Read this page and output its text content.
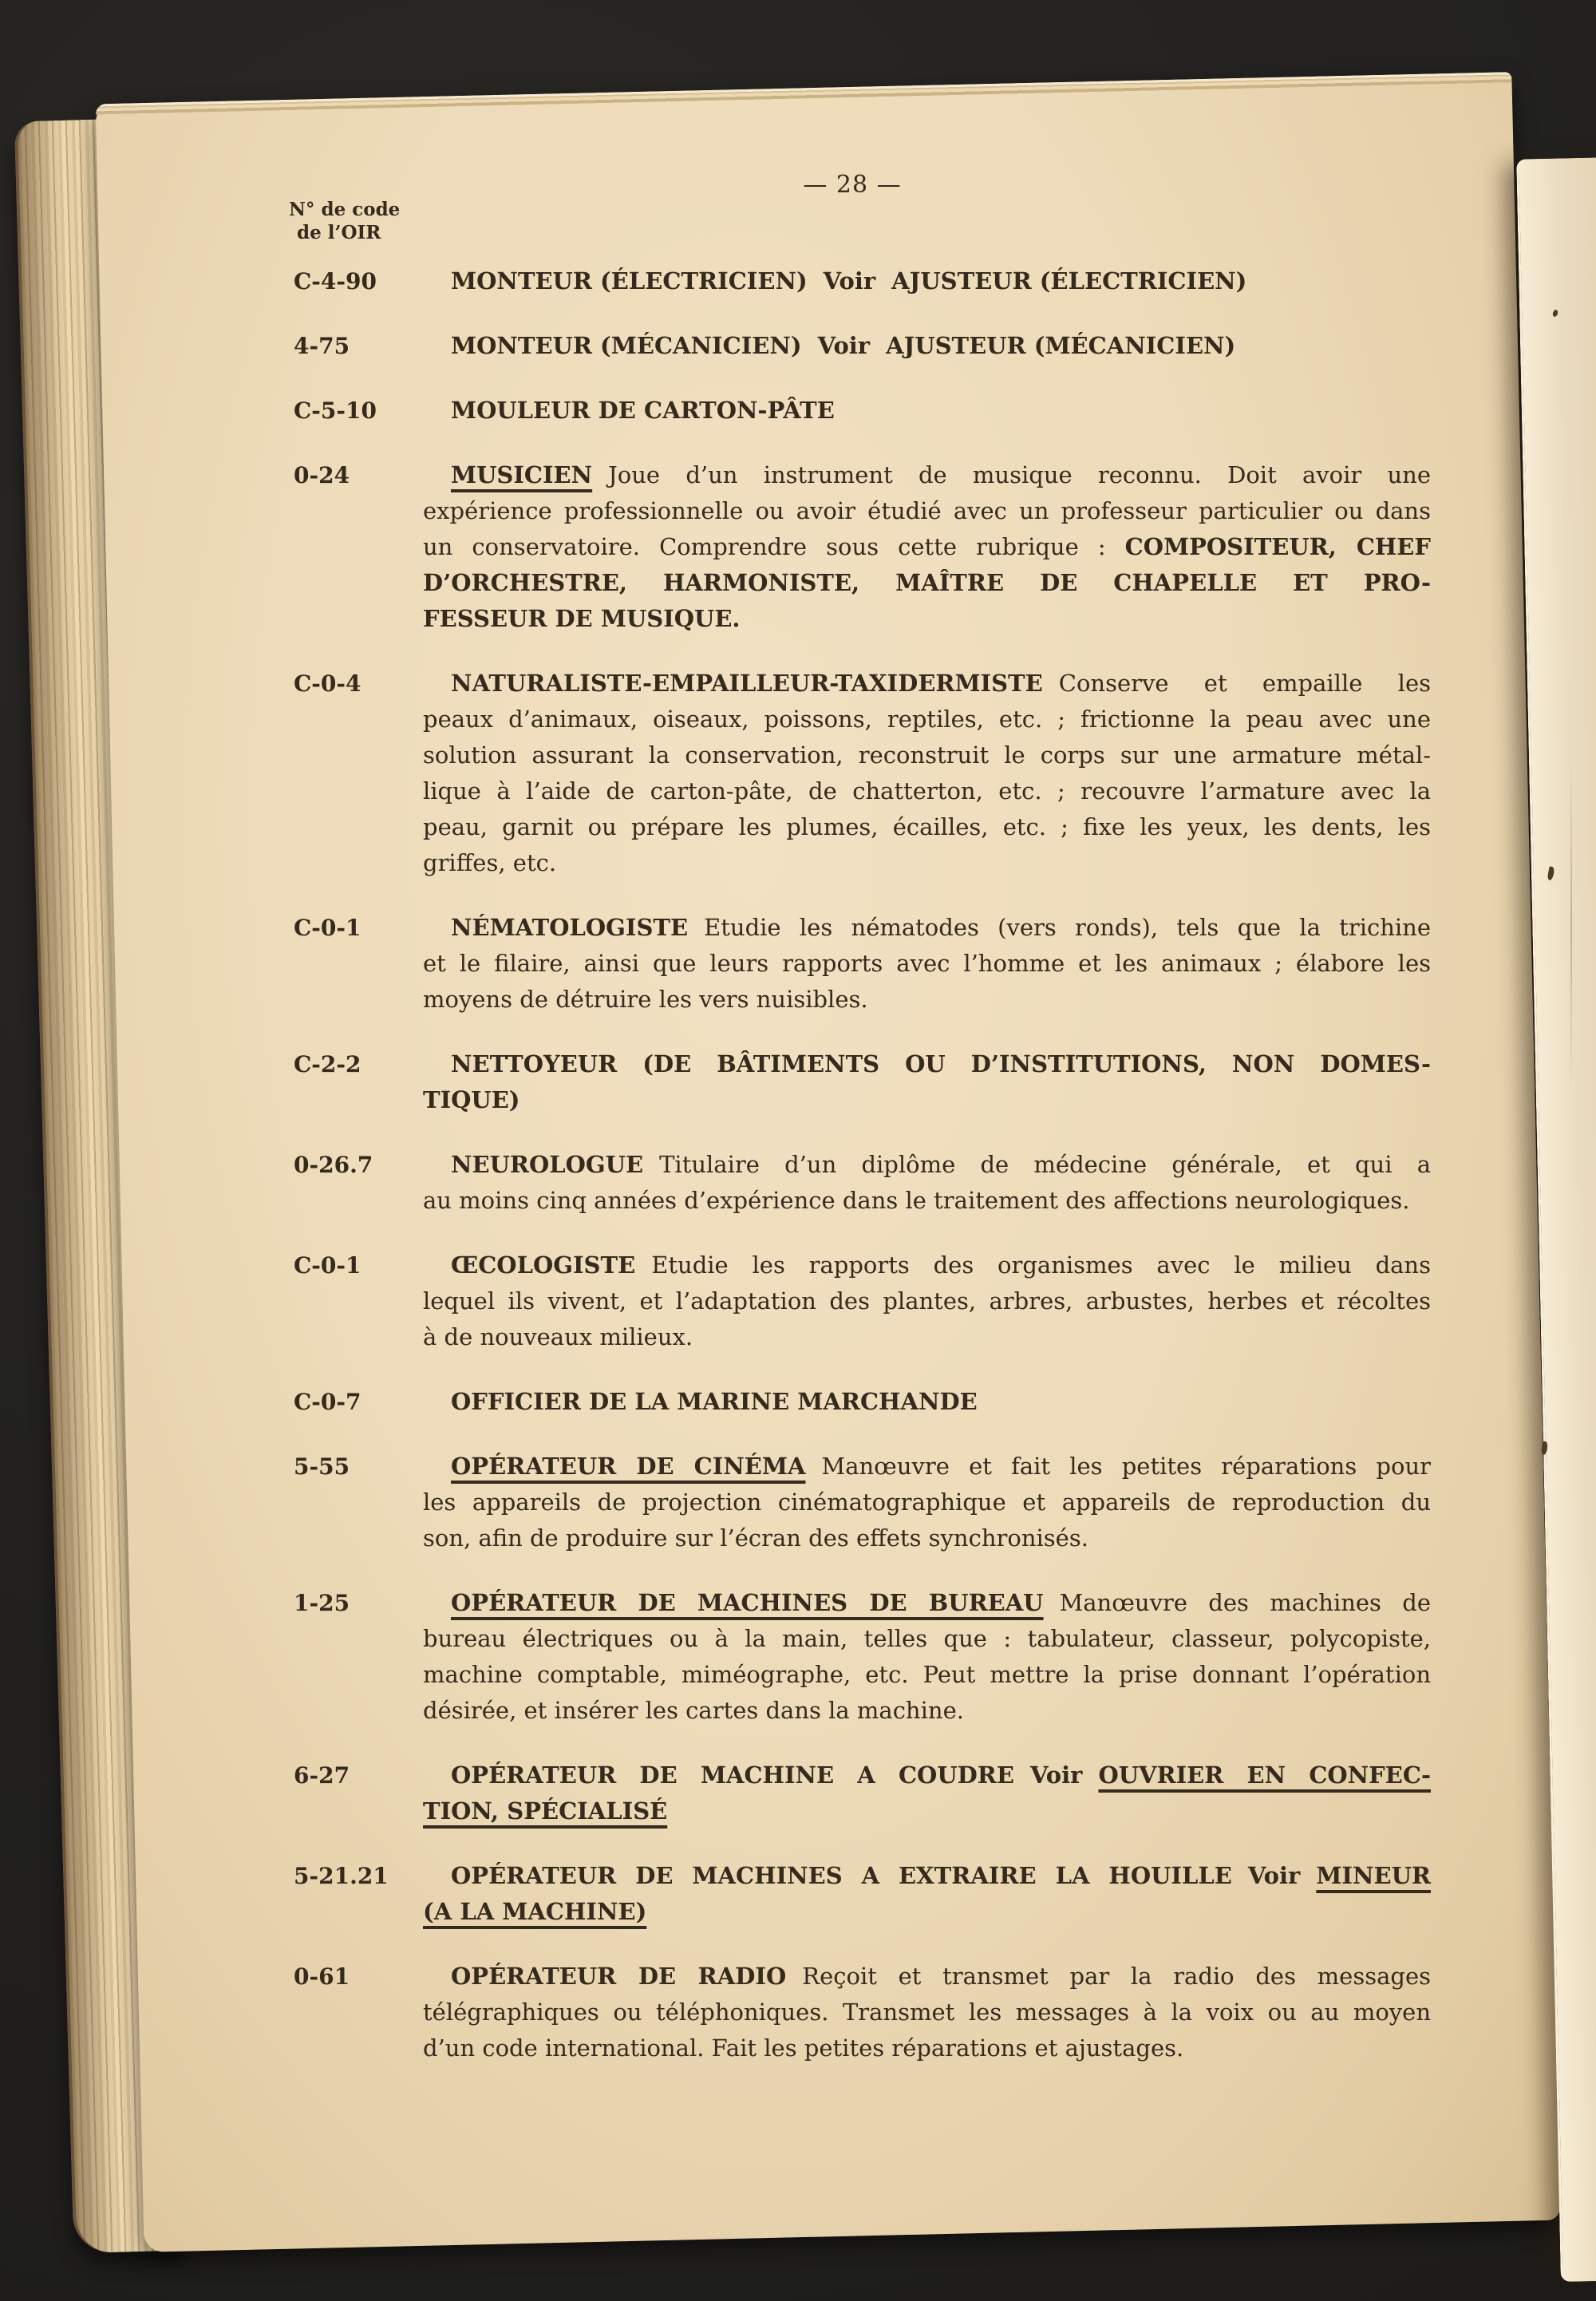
— 28 —
N° de code
de l’OIR
C-4-90	MONTEUR (ÉLECTRICIEN) Voir AJUSTEUR (ÉLECTRICIEN)
4-75	MONTEUR (MÉCANICIEN) Voir AJUSTEUR (MÉCANICIEN)
C-5-10	MOULEUR DE CARTON-PÂTE
0-24	MUSICIEN Joue d’un instrument de musique reconnu. Doit avoir une
expérience professionnelle ou avoir étudié avec un professeur particulier ou dans
un conservatoire. Comprendre sous cette rubrique : COMPOSITEUR, CHEF
D’ORCHESTRE, HARMONISTE, MAÎTRE DE CHAPELLE ET PRO-
FESSEUR DE MUSIQUE.
C-0-4	NATURALISTE-EMPAILLEUR-TAXIDERMISTE Conserve et empaille les
peaux d’animaux, oiseaux, poissons, reptiles, etc. ; frictionne la peau avec une
solution assurant la conservation, reconstruit le corps sur une armature métal-
lique à l’aide de carton-pâte, de chatterton, etc. ; recouvre l’armature avec la
peau, garnit ou prépare les plumes, écailles, etc. ; fixe les yeux, les dents, les
griffes, etc.
C-0-1	NÉMATOLOGISTE Etudie les nématodes (vers ronds), tels que la trichine
et le filaire, ainsi que leurs rapports avec l’homme et les animaux ; élabore les
moyens de détruire les vers nuisibles.
C-2-2	NETTOYEUR (DE BÂTIMENTS OU D’INSTITUTIONS, NON DOMES-
TIQUE)
0-26.7	NEUROLOGUE Titulaire d’un diplôme de médecine générale, et qui a
au moins cinq années d’expérience dans le traitement des affections neurologiques.
C-0-1	ŒCOLOGISTE Etudie les rapports des organismes avec le milieu dans
lequel ils vivent, et l’adaptation des plantes, arbres, arbustes, herbes et récoltes
à de nouveaux milieux.
C-0-7	OFFICIER DE LA MARINE MARCHANDE
5-55	OPÉRATEUR DE CINÉMA Manœuvre et fait les petites réparations pour
les appareils de projection cinématographique et appareils de reproduction du
son, afin de produire sur l’écran des effets synchronisés.
1-25	OPÉRATEUR DE MACHINES DE BUREAU Manœuvre des machines de
bureau électriques ou à la main, telles que : tabulateur, classeur, polycopiste,
machine comptable, miméographe, etc. Peut mettre la prise donnant l’opération
désirée, et insérer les cartes dans la machine.
6-27	OPÉRATEUR DE MACHINE A COUDRE Voir OUVRIER EN CONFEC-
TION, SPÉCIALISÉ
5-21.21	OPÉRATEUR DE MACHINES A EXTRAIRE LA HOUILLE Voir MINEUR
(A LA MACHINE)
0-61	OPÉRATEUR DE RADIO Reçoit et transmet par la radio des messages
télégraphiques ou téléphoniques. Transmet les messages à la voix ou au moyen
d’un code international. Fait les petites réparations et ajustages.
